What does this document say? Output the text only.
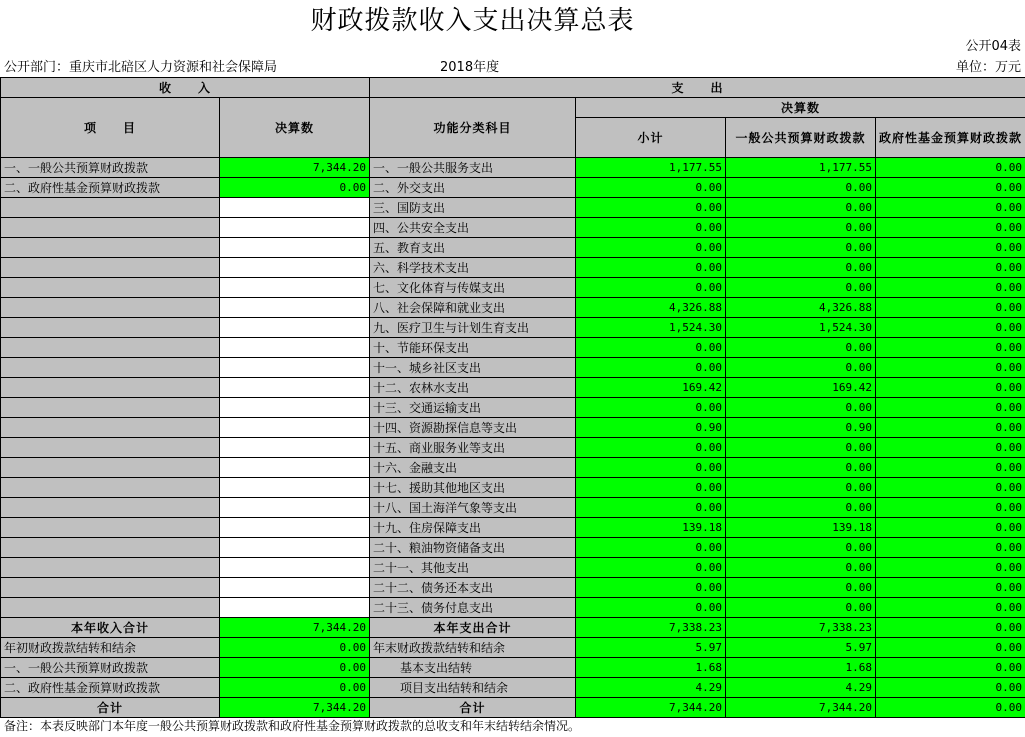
财政拨款收入支出决算总表
公开04表
公开部门：重庆市北碚区人力资源和社会保障局	2018年度	单位：万元
收　　入		支　　出			
项　　目	决算数	功能分类科目	决算数		
			小计	一般公共预算财政拨款	政府性基金预算财政拨款
一、一般公共预算财政拨款	7,344.20	一、一般公共服务支出	1,177.55	1,177.55	0.00
二、政府性基金预算财政拨款	0.00	二、外交支出	0.00	0.00	0.00
		三、国防支出	0.00	0.00	0.00
		四、公共安全支出	0.00	0.00	0.00
		五、教育支出	0.00	0.00	0.00
		六、科学技术支出	0.00	0.00	0.00
		七、文化体育与传媒支出	0.00	0.00	0.00
		八、社会保障和就业支出	4,326.88	4,326.88	0.00
		九、医疗卫生与计划生育支出	1,524.30	1,524.30	0.00
		十、节能环保支出	0.00	0.00	0.00
		十一、城乡社区支出	0.00	0.00	0.00
		十二、农林水支出	169.42	169.42	0.00
		十三、交通运输支出	0.00	0.00	0.00
		十四、资源勘探信息等支出	0.90	0.90	0.00
		十五、商业服务业等支出	0.00	0.00	0.00
		十六、金融支出	0.00	0.00	0.00
		十七、援助其他地区支出	0.00	0.00	0.00
		十八、国土海洋气象等支出	0.00	0.00	0.00
		十九、住房保障支出	139.18	139.18	0.00
		二十、粮油物资储备支出	0.00	0.00	0.00
		二十一、其他支出	0.00	0.00	0.00
		二十二、债务还本支出	0.00	0.00	0.00
		二十三、债务付息支出	0.00	0.00	0.00
本年收入合计	7,344.20	本年支出合计	7,338.23	7,338.23	0.00
年初财政拨款结转和结余	0.00	年末财政拨款结转和结余	5.97	5.97	0.00
一、一般公共预算财政拨款	0.00	基本支出结转	1.68	1.68	0.00
二、政府性基金预算财政拨款	0.00	项目支出结转和结余	4.29	4.29	0.00
合计	7,344.20	合计	7,344.20	7,344.20	0.00
备注：本表反映部门本年度一般公共预算财政拨款和政府性基金预算财政拨款的总收支和年末结转结余情况。
